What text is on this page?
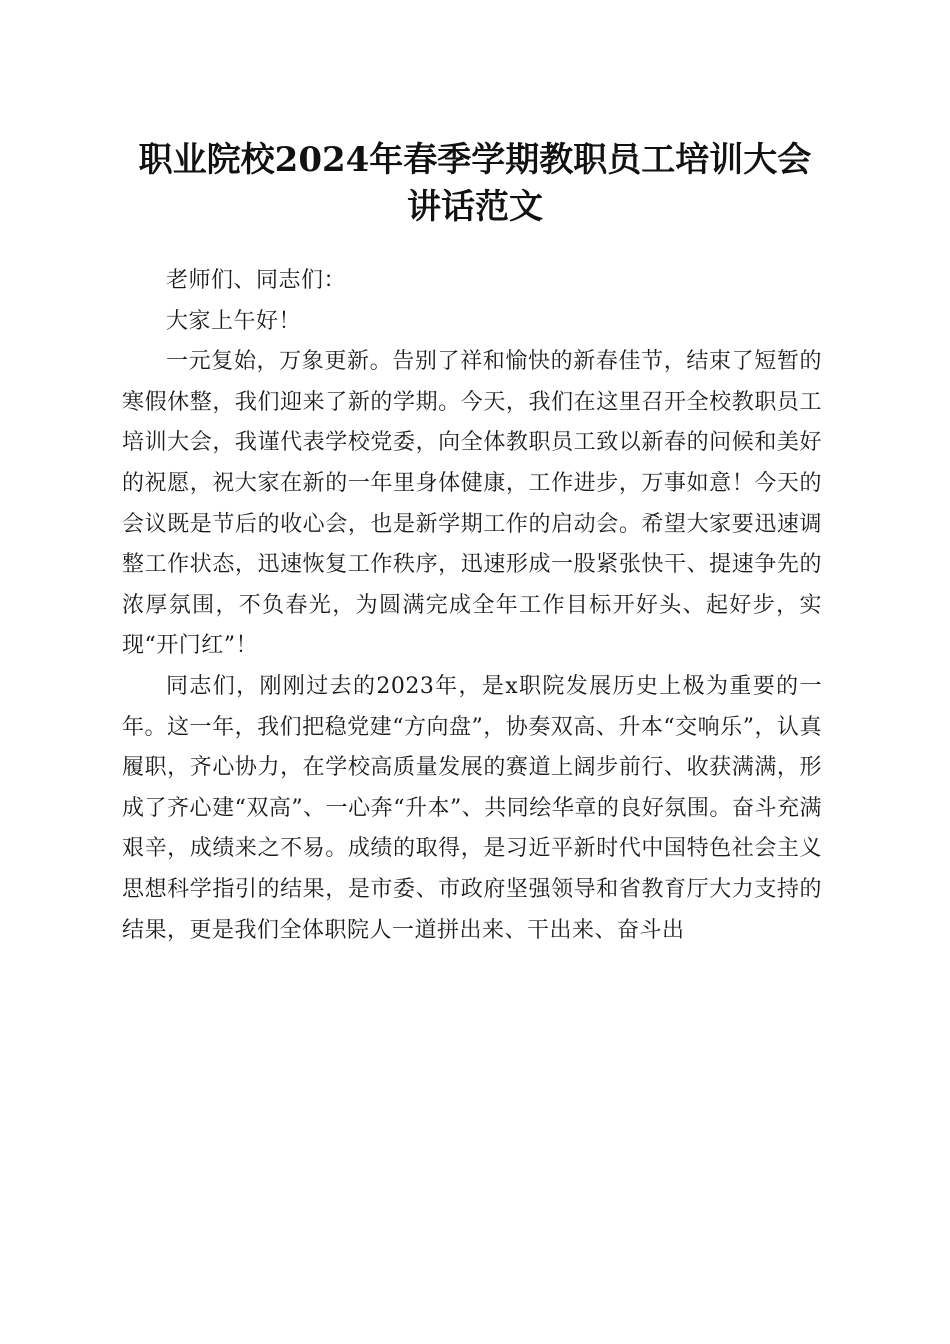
职业院校2024年春季学期教职员工培训大会
讲话范文

老师们、同志们：

大家上午好！

一元复始，万象更新。告别了祥和愉快的新春佳节，结束了短暂的寒假休整，我们迎来了新的学期。今天，我们在这里召开全校教职员工培训大会，我谨代表学校党委，向全体教职员工致以新春的问候和美好的祝愿，祝大家在新的一年里身体健康，工作进步，万事如意！今天的会议既是节后的收心会，也是新学期工作的启动会。希望大家要迅速调整工作状态，迅速恢复工作秩序，迅速形成一股紧张快干、提速争先的浓厚氛围，不负春光，为圆满完成全年工作目标开好头、起好步，实现“开门红”！

同志们，刚刚过去的2023年，是x职院发展历史上极为重要的一年。这一年，我们把稳党建“方向盘”，协奏双高、升本“交响乐”，认真履职，齐心协力，在学校高质量发展的赛道上阔步前行、收获满满，形成了齐心建“双高”、一心奔“升本”、共同绘华章的良好氛围。奋斗充满艰辛，成绩来之不易。成绩的取得，是习近平新时代中国特色社会主义思想科学指引的结果，是市委、市政府坚强领导和省教育厅大力支持的结果，更是我们全体职院人一道拼出来、干出来、奋斗出
